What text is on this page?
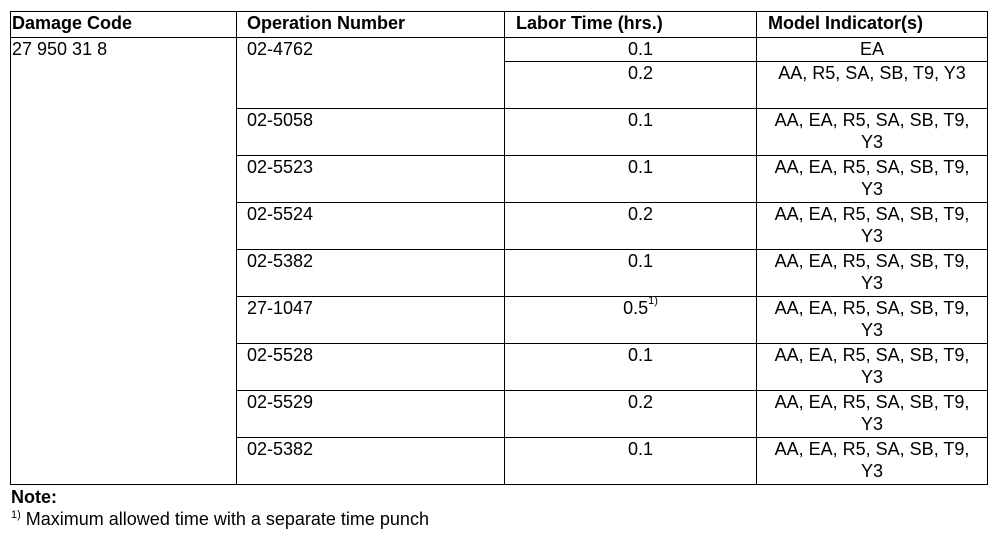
Damage Code	Operation Number	Labor Time (hrs.)	Model Indicator(s)
27 950 31 8	02-4762	0.1	EA
		0.2	AA, R5, SA, SB, T9, Y3
	02-5058	0.1	AA, EA, R5, SA, SB, T9, Y3
	02-5523	0.1	AA, EA, R5, SA, SB, T9, Y3
	02-5524	0.2	AA, EA, R5, SA, SB, T9, Y3
	02-5382	0.1	AA, EA, R5, SA, SB, T9, Y3
	27-1047	0.5$^{1)}$	AA, EA, R5, SA, SB, T9, Y3
	02-5528	0.1	AA, EA, R5, SA, SB, T9, Y3
	02-5529	0.2	AA, EA, R5, SA, SB, T9, Y3
	02-5382	0.1	AA, EA, R5, SA, SB, T9, Y3
Note:
$^{1)}$ Maximum allowed time with a separate time punch
